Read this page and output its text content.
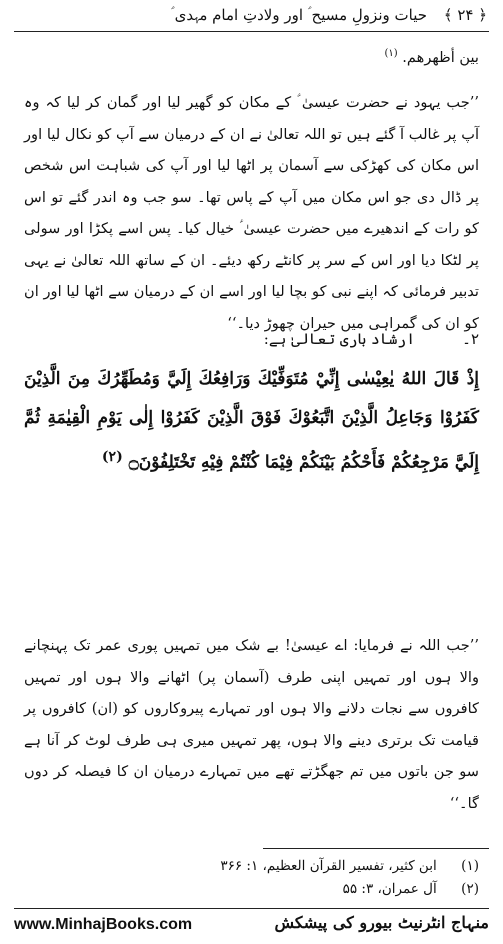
﴿ ۲۴ ﴾
حیات ونزولِ مسیح ؑ اور ولادتِ امام مہدی ؑ
بين أظهرهم. $^{(۱)}$
’’جب یہود نے حضرت عیسیٰ ؑ کے مکان کو گھیر لیا اور گمان کر لیا کہ وہ آپ پر غالب آ گئے ہیں تو اللہ تعالیٰ نے ان کے درمیان سے آپ کو نکال لیا اور اس مکان کی کھڑکی سے آسمان پر اٹھا لیا اور آپ کی شباہت اس شخص پر ڈال دی جو اس مکان میں آپ کے پاس تھا۔ سو جب وہ اندر گئے تو اس کو رات کے اندھیرے میں حضرت عیسیٰ ؑ خیال کیا۔ پس اسے پکڑا اور سولی پر لٹکا دیا اور اس کے سر پر کانٹے رکھ دیئے۔ ان کے ساتھ اللہ تعالیٰ نے یہی تدبیر فرمائی کہ اپنے نبی کو بچا لیا اور اسے ان کے درمیان سے اٹھا لیا اور ان کو ان کی گمراہی میں حیران چھوڑ دیا۔‘‘
۲۔
ارشاد باری تعالیٰ ہے:
إِذْ قَالَ اللهُ يٰعِيْسٰى إِنِّيْ مُتَوَفِّيْكَ وَرَافِعُكَ إِلَيَّ وَمُطَهِّرُكَ مِنَ الَّذِيْنَ كَفَرُوْا وَجَاعِلُ الَّذِيْنَ اتَّبَعُوْكَ فَوْقَ الَّذِيْنَ كَفَرُوْا إِلٰى يَوْمِ الْقِيٰمَةِ ثُمَّ إِلَيَّ مَرْجِعُكُمْ فَأَحْكُمُ بَيْنَكُمْ فِيْمَا كُنْتُمْ فِيْهِ تَخْتَلِفُوْنَ۝ $^{(۲)}$
’’جب اللہ نے فرمایا: اے عیسیٰ! بے شک میں تمہیں پوری عمر تک پہنچانے والا ہوں اور تمہیں اپنی طرف (آسمان پر) اٹھانے والا ہوں اور تمہیں کافروں سے نجات دلانے والا ہوں اور تمہارے پیروکاروں کو (ان) کافروں پر قیامت تک برتری دینے والا ہوں، پھر تمہیں میری ہی طرف لوٹ کر آنا ہے سو جن باتوں میں تم جھگڑتے تھے میں تمہارے درمیان ان کا فیصلہ کر دوں گا۔‘‘
(۱) ابن کثیر، تفسیر القرآن العظیم، ۱: ۳۶۶
(۲) آل عمران، ۳: ۵۵
www.MinhajBooks.com	منہاج انٹرنیٹ بیورو کی پیشکش
